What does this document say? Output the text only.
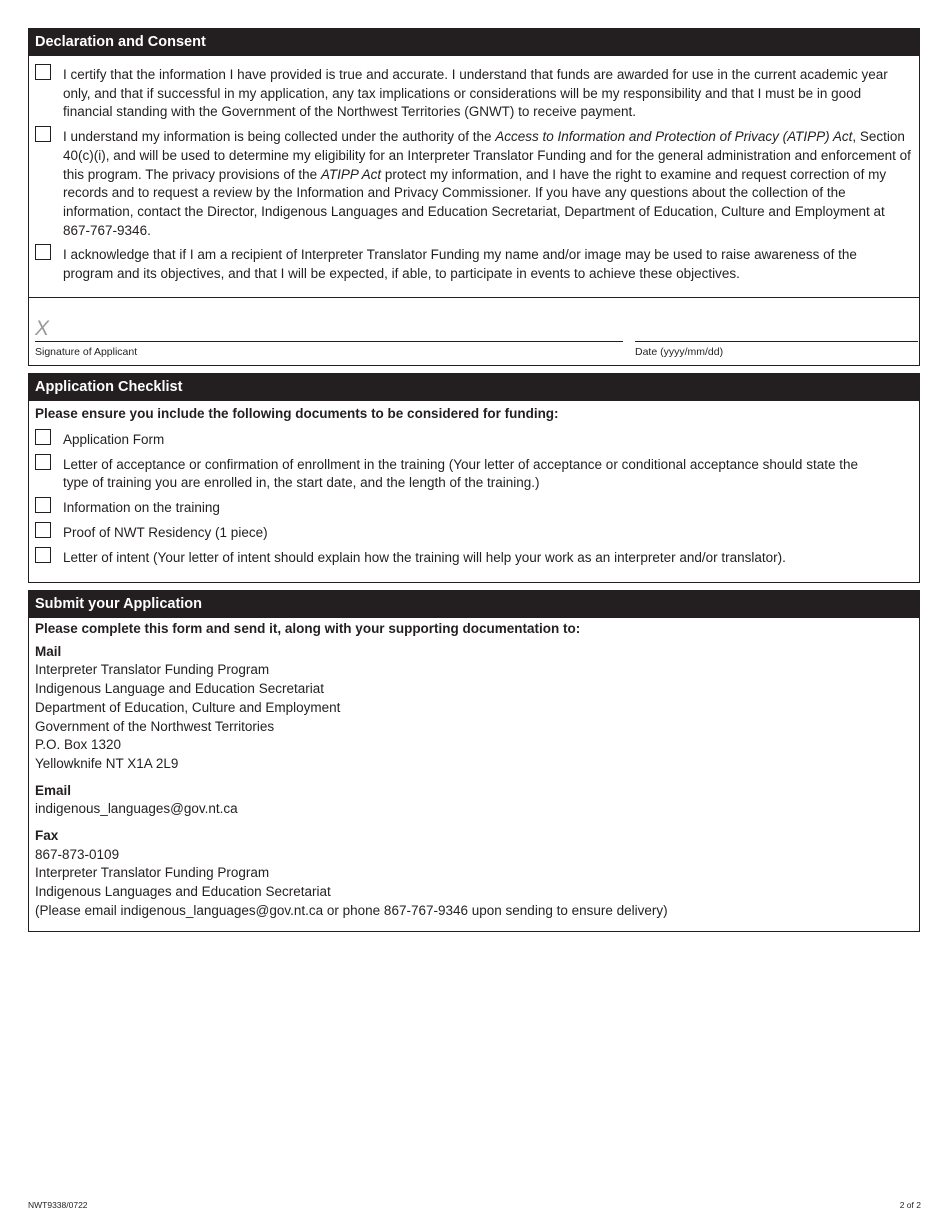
Declaration and Consent
I certify that the information I have provided is true and accurate. I understand that funds are awarded for use in the current academic year only, and that if successful in my application, any tax implications or considerations will be my responsibility and that I must be in good financial standing with the Government of the Northwest Territories (GNWT) to receive payment.
I understand my information is being collected under the authority of the Access to Information and Protection of Privacy (ATIPP) Act, Section 40(c)(i), and will be used to determine my eligibility for an Interpreter Translator Funding and for the general administration and enforcement of this program. The privacy provisions of the ATIPP Act protect my information, and I have the right to examine and request correction of my records and to request a review by the Information and Privacy Commissioner. If you have any questions about the collection of the information, contact the Director, Indigenous Languages and Education Secretariat, Department of Education, Culture and Employment at 867-767-9346.
I acknowledge that if I am a recipient of Interpreter Translator Funding my name and/or image may be used to raise awareness of the program and its objectives, and that I will be expected, if able, to participate in events to achieve these objectives.
X
Signature of Applicant	Date (yyyy/mm/dd)
Application Checklist
Please ensure you include the following documents to be considered for funding:
Application Form
Letter of acceptance or confirmation of enrollment in the training (Your letter of acceptance or conditional acceptance should state the type of training you are enrolled in, the start date, and the length of the training.)
Information on the training
Proof of NWT Residency (1 piece)
Letter of intent (Your letter of intent should explain how the training will help your work as an interpreter and/or translator).
Submit your Application
Please complete this form and send it, along with your supporting documentation to:
Mail
Interpreter Translator Funding Program
Indigenous Language and Education Secretariat
Department of Education, Culture and Employment
Government of the Northwest Territories
P.O. Box 1320
Yellowknife NT X1A 2L9
Email
indigenous_languages@gov.nt.ca
Fax
867-873-0109
Interpreter Translator Funding Program
Indigenous Languages and Education Secretariat
(Please email indigenous_languages@gov.nt.ca or phone 867-767-9346 upon sending to ensure delivery)
NWT9338/0722	2 of 2
